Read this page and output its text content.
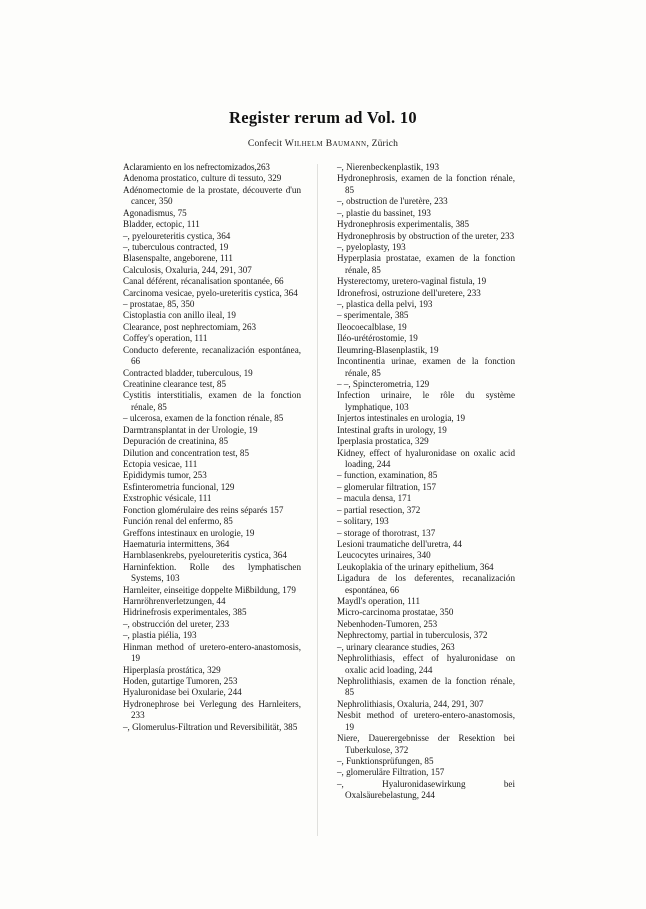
Register rerum ad Vol. 10

Confecit Wilhelm Baumann, Zürich

Aclaramiento en los nefrectomizados,263

Adenoma prostatico, culture di tessuto, 329

Adénomectomie de la prostate, découverte d'un cancer, 350

Agonadismus, 75

Bladder, ectopic, 111

–, pyeloureteritis cystica, 364

–, tuberculous contracted, 19

Blasenspalte, angeborene, 111

Calculosis, Oxaluria, 244, 291, 307

Canal déférent, récanalisation spontanée, 66

Carcinoma vesicae, pyelo-ureteritis cystica, 364

– prostatae, 85, 350

Cistoplastia con anillo ileal, 19

Clearance, post nephrectomiam, 263

Coffey's operation, 111

Conducto deferente, recanalización espontánea, 66

Contracted bladder, tuberculous, 19

Creatinine clearance test, 85

Cystitis interstitialis, examen de la fonction rénale, 85

– ulcerosa, examen de la fonction rénale, 85

Darmtransplantat in der Urologie, 19

Depuración de creatinina, 85

Dilution and concentration test, 85

Ectopia vesicae, 111

Epididymis tumor, 253

Esfinterometria funcional, 129

Exstrophic vésicale, 111

Fonction glomérulaire des reins séparés 157

Función renal del enfermo, 85

Greffons intestinaux en urologie, 19

Haematuria intermittens, 364

Harnblasenkrebs, pyeloureteritis cystica, 364

Harninfektion. Rolle des lymphatischen Systems, 103

Harnleiter, einseitige doppelte Mißbildung, 179

Harnröhrenverletzungen, 44

Hidrinefrosis experimentales, 385

–, obstrucción del ureter, 233

–, plastia piélia, 193

Hinman method of uretero-entero-anastomosis, 19

Hiperplasía prostática, 329

Hoden, gutartige Tumoren, 253

Hyaluronidase bei Oxularie, 244

Hydronephrose bei Verlegung des Harnleiters, 233

–, Glomerulus-Filtration und Reversibilität, 385

–, Nierenbeckenplastik, 193

Hydronephrosis, examen de la fonction rénale, 85

–, obstruction de l'uretère, 233

–, plastie du bassinet, 193

Hydronephrosis experimentalis, 385

Hydronephrosis by obstruction of the ureter, 233

–, pyeloplasty, 193

Hyperplasia prostatae, examen de la fonction rénale, 85

Hysterectomy, uretero-vaginal fistula, 19

Idronefrosi, ostruzione dell'uretere, 233

–, plastica della pelvi, 193

– sperimentale, 385

Ileocoecalblase, 19

Iléo-urétérostomie, 19

Ileumring-Blasenplastik, 19

Incontinentia urinae, examen de la fonction rénale, 85

– –, Spincterometria, 129

Infection urinaire, le rôle du système lymphatique, 103

Injertos intestinales en urologia, 19

Intestinal grafts in urology, 19

Iperplasia prostatica, 329

Kidney, effect of hyaluronidase on oxalic acid loading, 244

– function, examination, 85

– glomerular filtration, 157

– macula densa, 171

– partial resection, 372

– solitary, 193

– storage of thorotrast, 137

Lesioni traumatiche dell'uretra, 44

Leucocytes urinaires, 340

Leukoplakia of the urinary epithelium, 364

Ligadura de los deferentes, recanalización espontánea, 66

Maydl's operation, 111

Micro-carcinoma prostatae, 350

Nebenhoden-Tumoren, 253

Nephrectomy, partial in tuberculosis, 372

–, urinary clearance studies, 263

Nephrolithiasis, effect of hyaluronidase on oxalic acid loading, 244

Nephrolithiasis, examen de la fonction rénale, 85

Nephrolithiasis, Oxaluria, 244, 291, 307

Nesbit method of uretero-entero-anastomosis, 19

Niere, Dauerergebnisse der Resektion bei Tuberkulose, 372

–, Funktionsprüfungen, 85

–, glomeruläre Filtration, 157

–, Hyaluronidasewirkung bei Oxalsäurebelastung, 244
